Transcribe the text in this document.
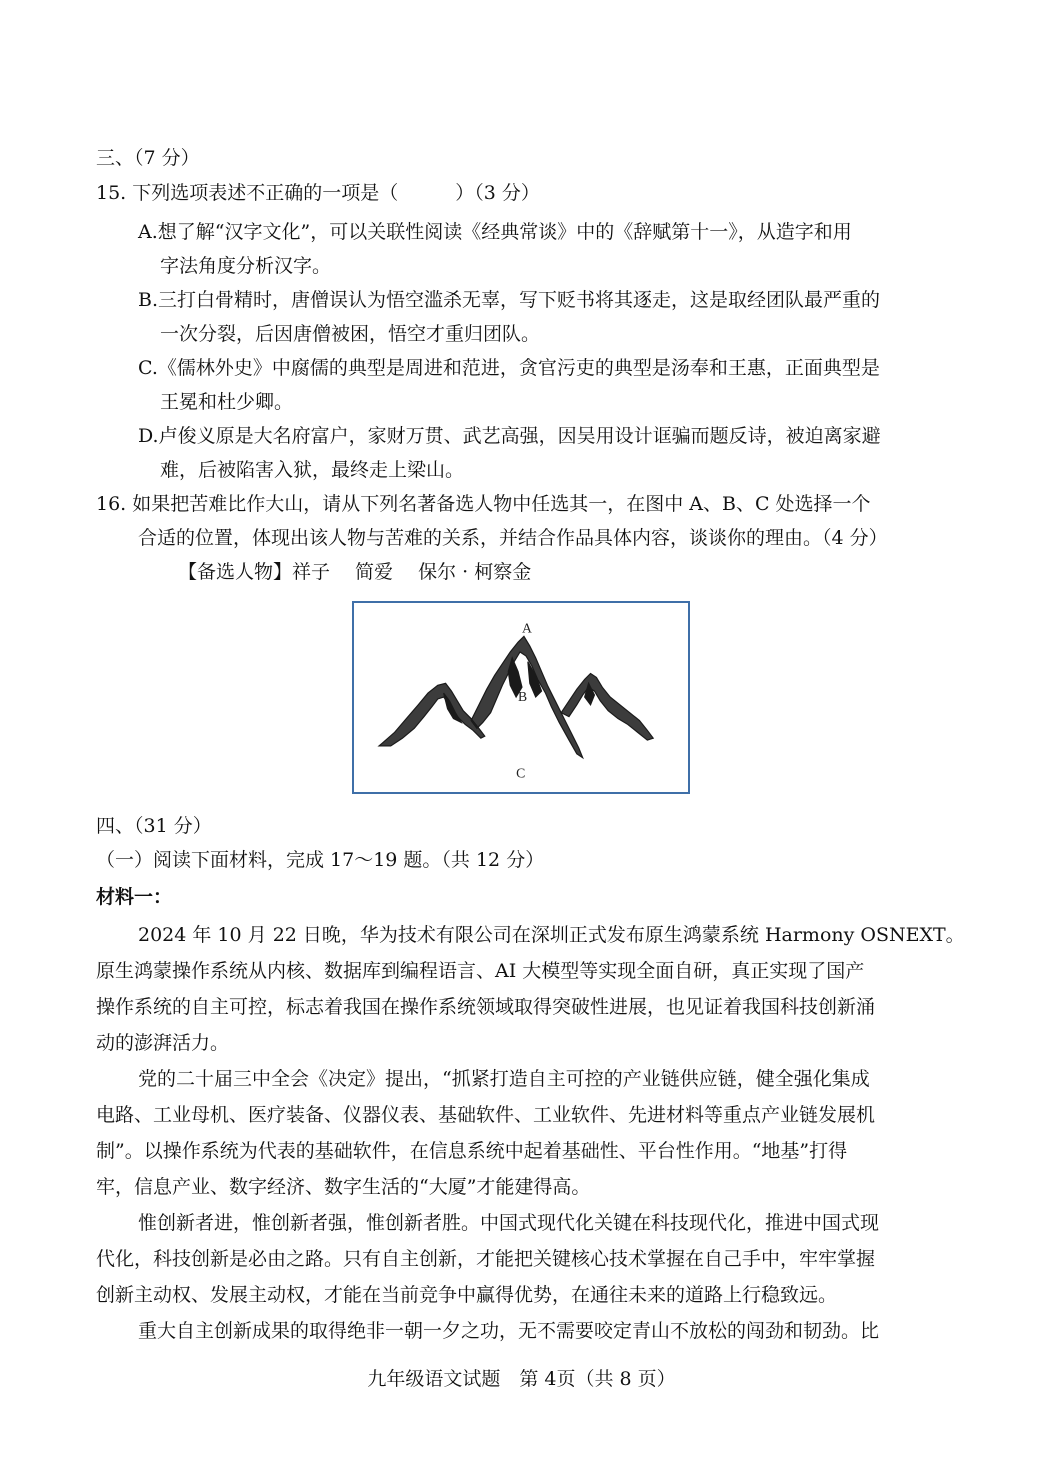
三、（7 分）
15. 下列选项表述不正确的一项是（　　　）（3 分）
A.想了解“汉字文化”，可以关联性阅读《经典常谈》中的《辞赋第十一》，从造字和用
字法角度分析汉字。
B.三打白骨精时，唐僧误认为悟空滥杀无辜，写下贬书将其逐走，这是取经团队最严重的
一次分裂，后因唐僧被困，悟空才重归团队。
C.《儒林外史》中腐儒的典型是周进和范进，贪官污吏的典型是汤奉和王惠，正面典型是
王冕和杜少卿。
D.卢俊义原是大名府富户，家财万贯、武艺高强，因吴用设计诓骗而题反诗，被迫离家避
难，后被陷害入狱，最终走上梁山。
16. 如果把苦难比作大山，请从下列名著备选人物中任选其一，在图中 A、B、C 处选择一个
合适的位置，体现出该人物与苦难的关系，并结合作品具体内容，谈谈你的理由。（4 分）
【备选人物】祥子　 简爱　 保尔 · 柯察金
A
B
C
四、（31 分）
（一）阅读下面材料，完成 17～19 题。（共 12 分）
材料一：
2024 年 10 月 22 日晚，华为技术有限公司在深圳正式发布原生鸿蒙系统 Harmony OSNEXT。
原生鸿蒙操作系统从内核、数据库到编程语言、AI 大模型等实现全面自研，真正实现了国产
操作系统的自主可控，标志着我国在操作系统领域取得突破性进展，也见证着我国科技创新涌
动的澎湃活力。
党的二十届三中全会《决定》提出，“抓紧打造自主可控的产业链供应链，健全强化集成
电路、工业母机、医疗装备、仪器仪表、基础软件、工业软件、先进材料等重点产业链发展机
制”。以操作系统为代表的基础软件，在信息系统中起着基础性、平台性作用。“地基”打得
牢，信息产业、数字经济、数字生活的“大厦”才能建得高。
惟创新者进，惟创新者强，惟创新者胜。中国式现代化关键在科技现代化，推进中国式现
代化，科技创新是必由之路。只有自主创新，才能把关键核心技术掌握在自己手中，牢牢掌握
创新主动权、发展主动权，才能在当前竞争中赢得优势，在通往未来的道路上行稳致远。
重大自主创新成果的取得绝非一朝一夕之功，无不需要咬定青山不放松的闯劲和韧劲。比
九年级语文试题　第 4页（共 8 页）
